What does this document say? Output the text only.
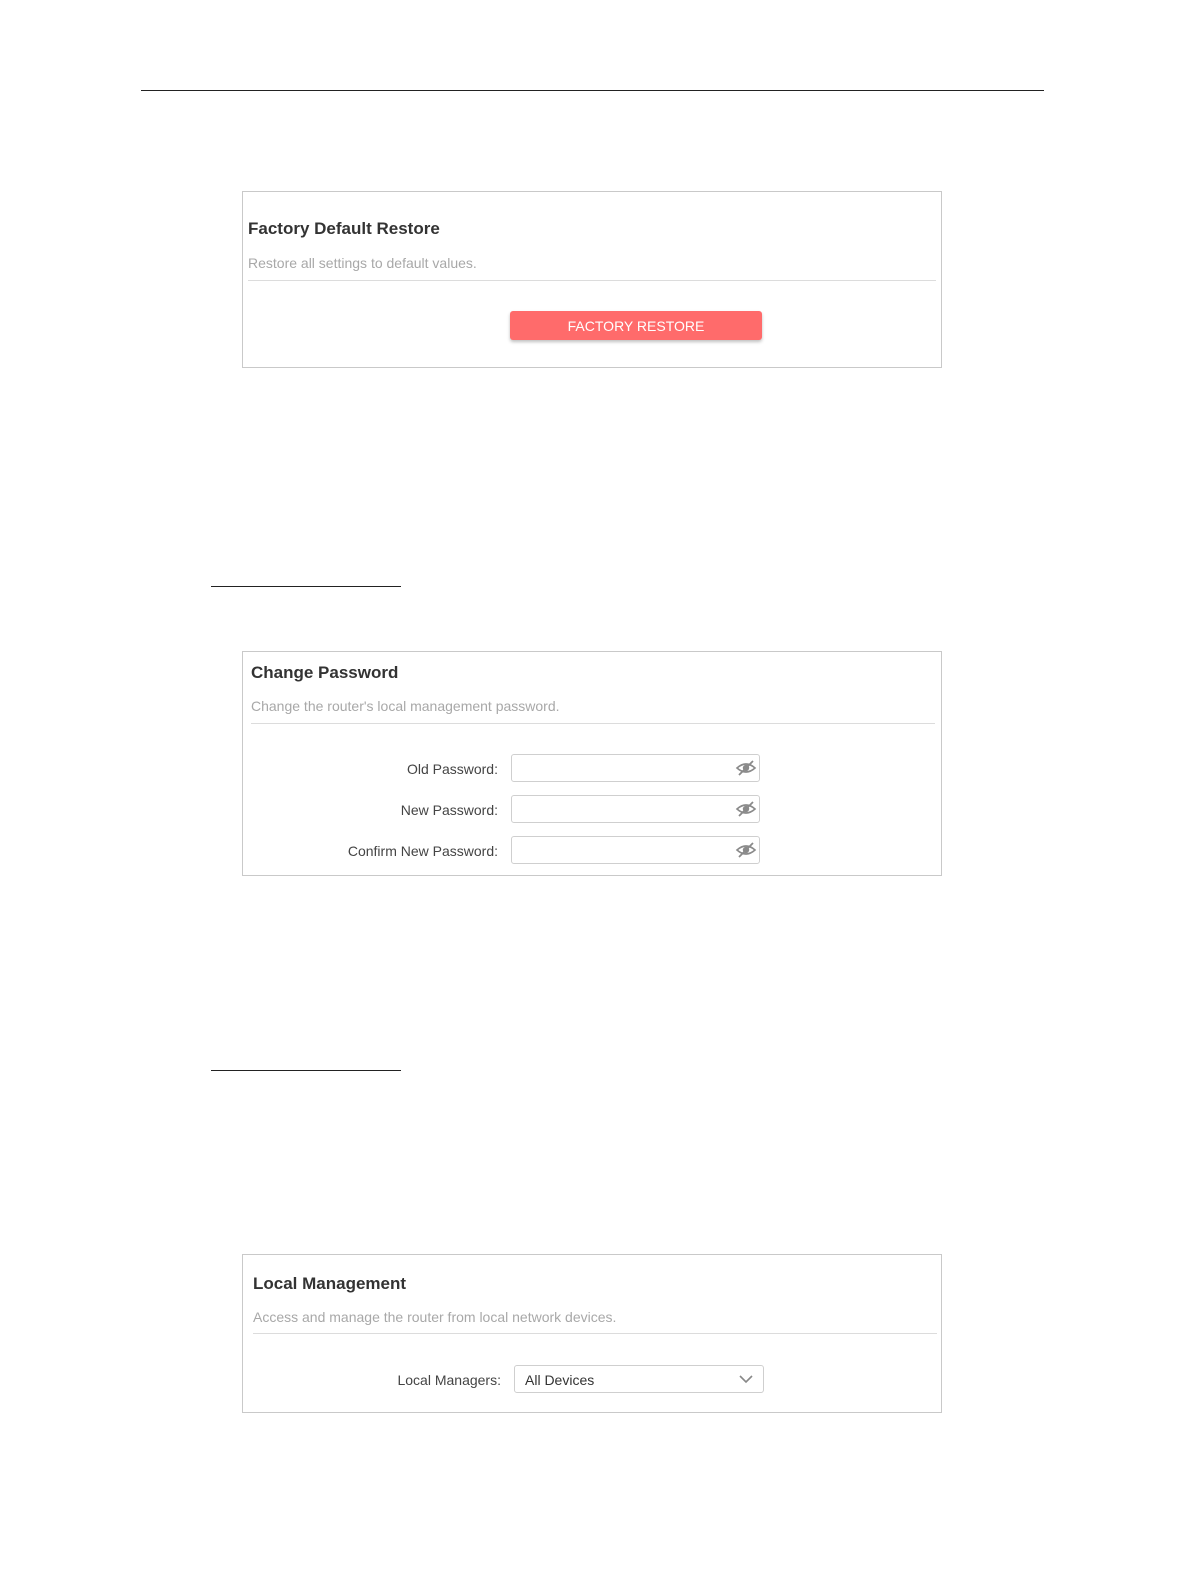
Factory Default Restore
Restore all settings to default values.
FACTORY RESTORE
Change Password
Change the router's local management password.
Old Password:
New Password:
Confirm New Password:
Local Management
Access and manage the router from local network devices.
Local Managers: All Devices
